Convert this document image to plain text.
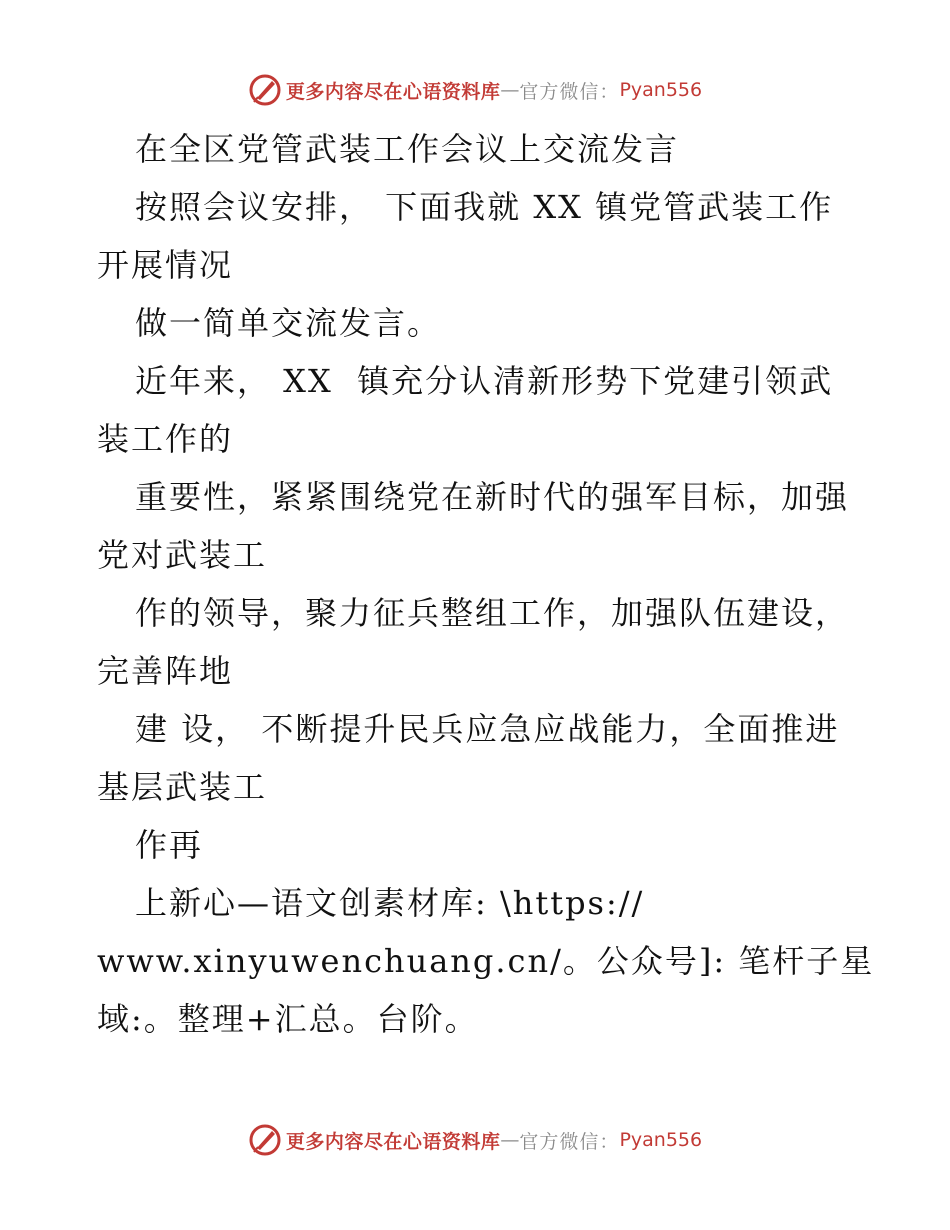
更多内容尽在心语资料库 — 官方微信： Pyan556
在全区党管武装工作会议上交流发言
按照会议安排， 下面我就 XX 镇党管武装工作
开展情况
做一简单交流发言。
近年来， XX  镇充分认清新形势下党建引领武
装工作的
重要性，紧紧围绕党在新时代的强军目标，加强
党对武装工
作的领导，聚力征兵整组工作，加强队伍建设，
完善阵地
建 设， 不断提升民兵应急应战能力，全面推进
基层武装工
作再
上新心—语文创素材库: \https://
www.xinyuwenchuang.cn/。公众号]: 笔杆子星
域:。整理+汇总。台阶。
更多内容尽在心语资料库 — 官方微信： Pyan556
